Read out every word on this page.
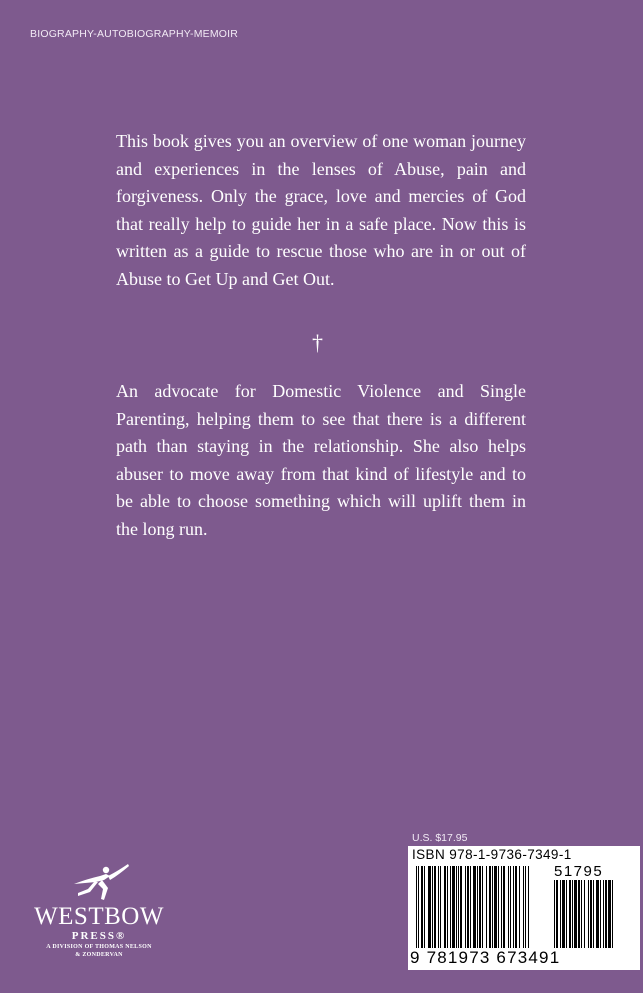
BIOGRAPHY-AUTOBIOGRAPHY-MEMOIR

This book gives you an overview of one woman journey and experiences in the lenses of Abuse, pain and forgiveness. Only the grace, love and mercies of God that really help to guide her in a safe place. Now this is written as a guide to rescue those who are in or out of Abuse to Get Up and Get Out.

†

An advocate for Domestic Violence and Single Parenting, helping them to see that there is a different path than staying in the relationship. She also helps abuser to move away from that kind of lifestyle and to be able to choose something which will uplift them in the long run.

U.S. $17.95
ISBN 978-1-9736-7349-1
51795
9 781973 673491
WESTBOW
PRESS®
A DIVISION OF THOMAS NELSON
& ZONDERVAN
